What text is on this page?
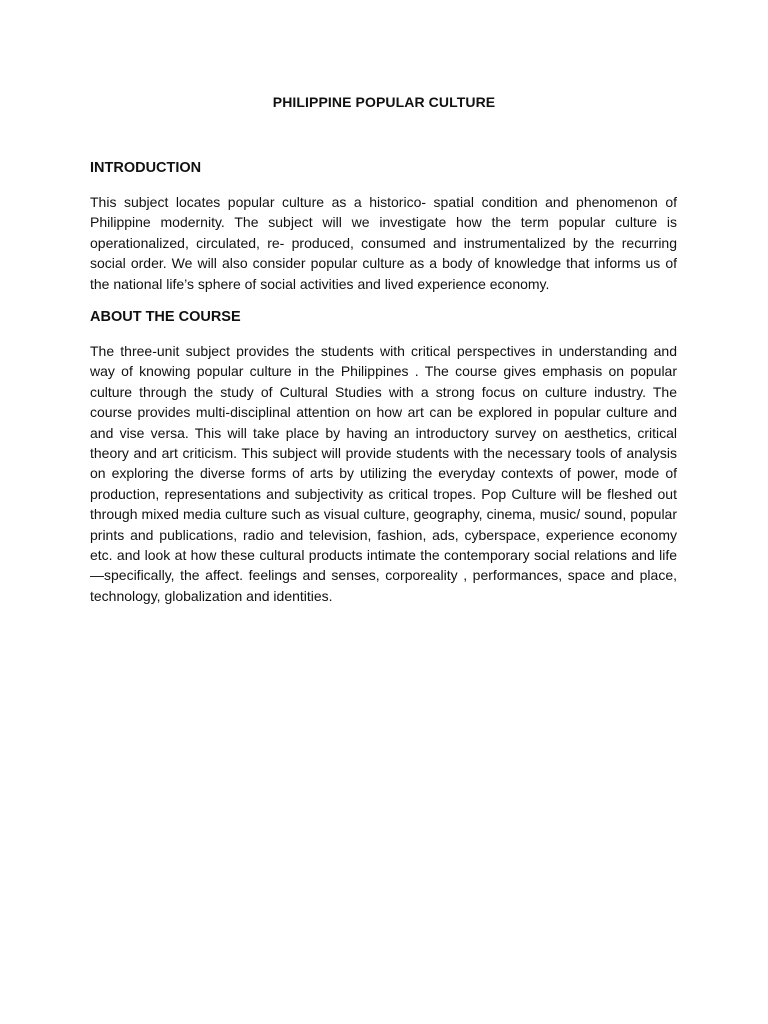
PHILIPPINE POPULAR CULTURE
INTRODUCTION

This subject locates popular culture as a historico- spatial condition and phenomenon of Philippine modernity. The subject will we investigate how the term popular culture is operationalized, circulated, re- produced, consumed and instrumentalized by the recurring social order. We will also consider popular culture as a body of knowledge that informs us of the national life’s sphere of social activities and lived experience economy.

ABOUT THE COURSE

The three-unit subject provides the students with critical perspectives in understanding and way of knowing popular culture in the Philippines . The course gives emphasis on popular culture through the study of Cultural Studies with a strong focus on culture industry. The course provides multi-disciplinal attention on how art can be explored in popular culture and and vise versa. This will take place by having an introductory survey on aesthetics, critical theory and art criticism. This subject will provide students with the necessary tools of analysis on exploring the diverse forms of arts by utilizing the everyday contexts of power, mode of production, representations and subjectivity as critical tropes. Pop Culture will be fleshed out through mixed media culture such as visual culture, geography, cinema, music/ sound, popular prints and publications, radio and television, fashion, ads, cyberspace, experience economy etc. and look at how these cultural products intimate the contemporary social relations and life—specifically, the affect. feelings and senses, corporeality , performances, space and place, technology, globalization and identities.
